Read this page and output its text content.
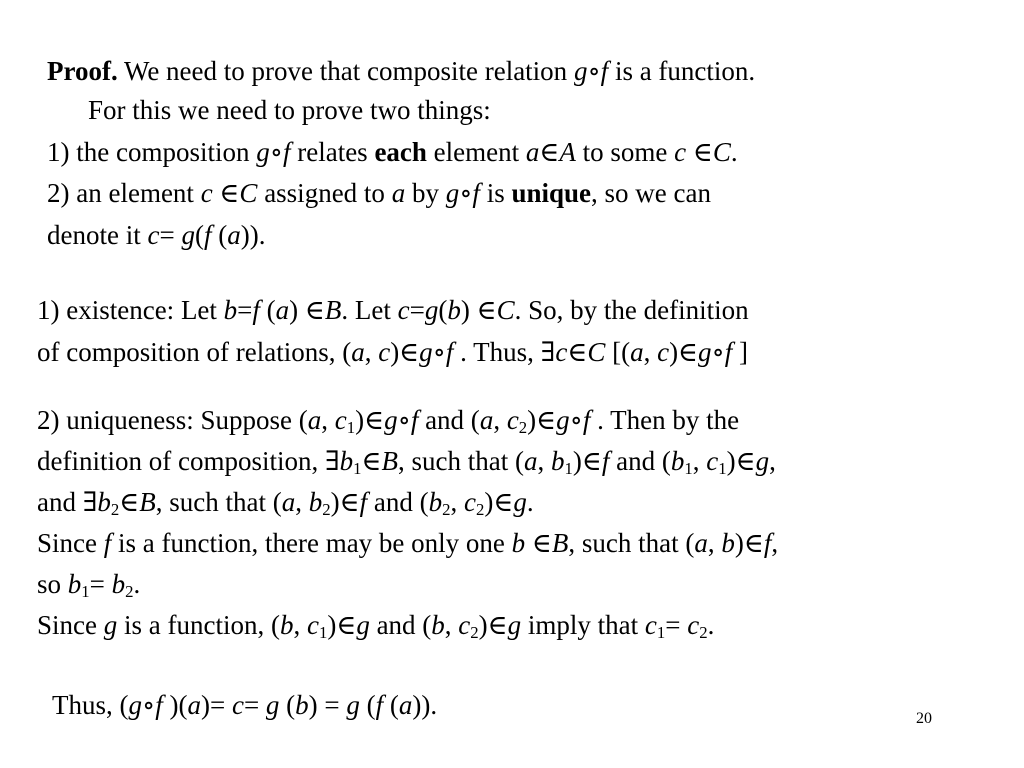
Proof. We need to prove that composite relation g∘f is a function.
For this we need to prove two things:
1) the composition g∘f relates each element a∈A to some c ∈C.
2) an element c ∈C assigned to a by g∘f is unique, so we can
denote it c= g(f (a)).
1) existence: Let b=f (a) ∈B. Let c=g(b) ∈C. So, by the definition
of composition of relations, (a, c)∈g∘f . Thus, ∃c∈C [(a, c)∈g∘f ]
2) uniqueness: Suppose (a, $c_1)\in g\circ f$ and (a, $c_2)\in g\circ f$ . Then by the
definition of composition, $\exists b_1\in B$, such that (a, $b_1)\in f$ and ($b_1$, $c_1)\in g$,
and $\exists b_2\in B$, such that (a, $b_2)\in f$ and ($b_2$, $c_2)\in g$.
Since f is a function, there may be only one b ∈B, such that (a, b)∈f,
so $b_1= b_2$.
Since g is a function, (b, $c_1)\in g$ and (b, $c_2)\in g$ imply that $c_1= c_2$.
Thus, (g∘f )(a)= c= g (b) = g (f (a)).	20
